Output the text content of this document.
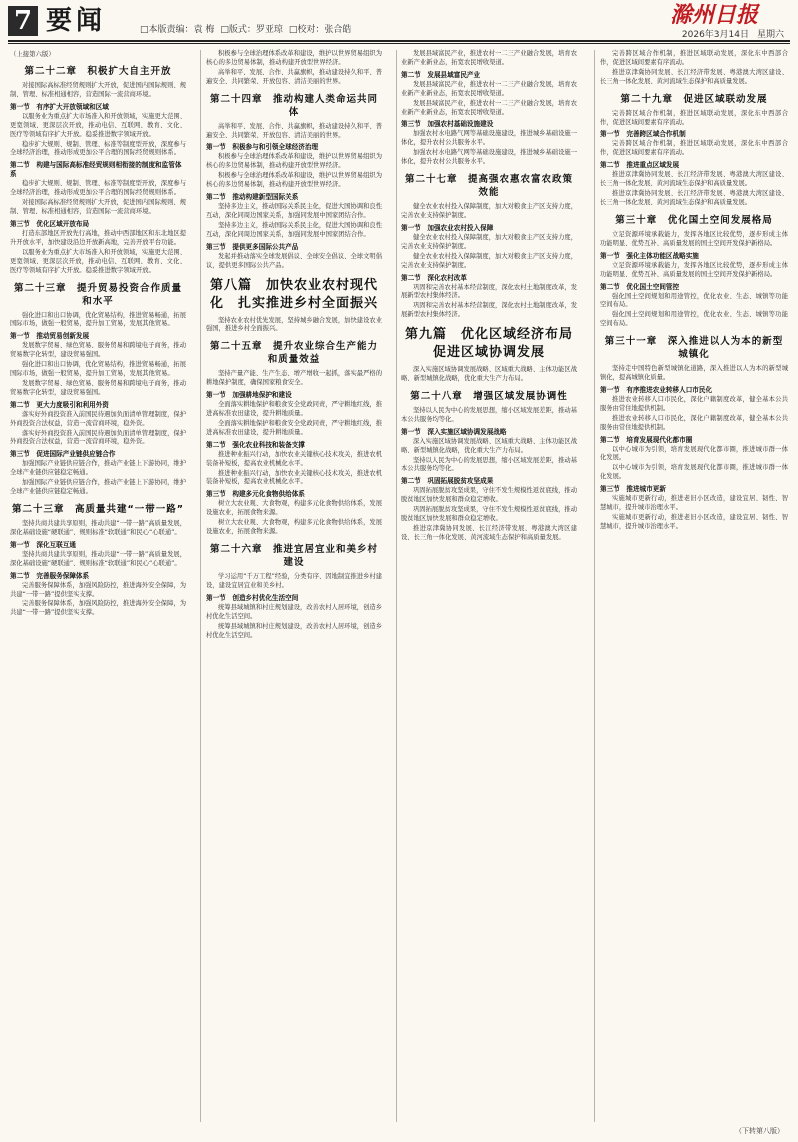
7 要闻	□本版责编：袁 梅 □版式：罗亚琼 □校对：张合皓
滁州日报
2026年3月14日 星期六
（上接第六版）
第二十二章　积极扩大自主开放

对接国际高标准经贸规则扩大开放，促进国内国际规则、规制、管理、标准相通相容，营造国际一流营商环境。

第一节　有序扩大开放领域和区域

以服务业为重点扩大市场准入和开放领域，实施更大范围、更宽领域、更深层次开放，推动电信、互联网、教育、文化、医疗等领域有序扩大开放。稳妥推进数字领域开放。

稳步扩大规则、规制、管理、标准等制度型开放，深度参与全球经济治理，推动形成更加公平合理的国际经贸规则体系。

第二节　构建与国际高标准经贸规则相衔接的制度和监管体系

稳步扩大规则、规制、管理、标准等制度型开放，深度参与全球经济治理，推动形成更加公平合理的国际经贸规则体系。

对接国际高标准经贸规则扩大开放，促进国内国际规则、规制、管理、标准相通相容，营造国际一流营商环境。

第三节　优化区域开放布局

打造东部地区开放先行高地，推动中西部地区和东北地区提升开放水平，加快建设沿边开放新高地，完善开放平台功能。

以服务业为重点扩大市场准入和开放领域，实施更大范围、更宽领域、更深层次开放，推动电信、互联网、教育、文化、医疗等领域有序扩大开放。稳妥推进数字领域开放。

第二十三章　提升贸易投资合作质量和水平

强化进口和出口协调，优化贸易结构，推进贸易畅通，拓展国际市场，做强一般贸易，提升加工贸易，发展其他贸易。

第一节　推动贸易创新发展

发展数字贸易、绿色贸易、服务贸易和跨境电子商务，推动贸易数字化转型，建设贸易强国。

强化进口和出口协调，优化贸易结构，推进贸易畅通，拓展国际市场，做强一般贸易，提升加工贸易，发展其他贸易。

发展数字贸易、绿色贸易、服务贸易和跨境电子商务，推动贸易数字化转型，建设贸易强国。

第二节　更大力度吸引和利用外资

落实好外商投资准入前国民待遇加负面清单管理制度，保护外商投资合法权益，营造一流营商环境，稳外资。

落实好外商投资准入前国民待遇加负面清单管理制度，保护外商投资合法权益，营造一流营商环境，稳外资。

第三节　促进国际产业链供应链合作

加强国际产业链供应链合作，推动产业链上下游协同，维护全球产业链供应链稳定畅通。

加强国际产业链供应链合作，推动产业链上下游协同，维护全球产业链供应链稳定畅通。

第二十三章　高质量共建“一带一路”

坚持共商共建共享原则，推动共建“一带一路”高质量发展，深化基础设施“硬联通”、规则标准“软联通”和民心“心联通”。

第一节　深化互联互通

坚持共商共建共享原则，推动共建“一带一路”高质量发展，深化基础设施“硬联通”、规则标准“软联通”和民心“心联通”。

第二节　完善服务保障体系

完善服务保障体系，加强风险防控，推进海外安全保障，为共建“一带一路”提供坚实支撑。

完善服务保障体系，加强风险防控，推进海外安全保障，为共建“一带一路”提供坚实支撑。

积极参与全球治理体系改革和建设，维护以世界贸易组织为核心的多边贸易体制，推动构建开放型世界经济。

高举和平、发展、合作、共赢旗帜，推动建设持久和平、普遍安全、共同繁荣、开放包容、清洁美丽的世界。

第二十四章　推动构建人类命运共同体

高举和平、发展、合作、共赢旗帜，推动建设持久和平、普遍安全、共同繁荣、开放包容、清洁美丽的世界。

第一节　积极参与和引领全球经济治理

积极参与全球治理体系改革和建设，维护以世界贸易组织为核心的多边贸易体制，推动构建开放型世界经济。

积极参与全球治理体系改革和建设，维护以世界贸易组织为核心的多边贸易体制，推动构建开放型世界经济。

第二节　推动构建新型国际关系

坚持多边主义，推动国际关系民主化，促进大国协调和良性互动，深化同周边国家关系，加强同发展中国家团结合作。

坚持多边主义，推动国际关系民主化，促进大国协调和良性互动，深化同周边国家关系，加强同发展中国家团结合作。

第三节　提供更多国际公共产品

发起并推动落实全球发展倡议、全球安全倡议、全球文明倡议，提供更多国际公共产品。

第八篇　加快农业农村现代化　扎实推进乡村全面振兴

坚持农业农村优先发展，坚持城乡融合发展，加快建设农业强国，推进乡村全面振兴。

第二十五章　提升农业综合生产能力和质量效益

坚持产量产能、生产生态、增产增收一起抓，落实最严格的耕地保护制度，确保国家粮食安全。

第一节　加强耕地保护和建设

全面落实耕地保护和粮食安全党政同责，严守耕地红线，推进高标准农田建设，提升耕地质量。

全面落实耕地保护和粮食安全党政同责，严守耕地红线，推进高标准农田建设，提升耕地质量。

第二节　强化农业科技和装备支撑

推进种业振兴行动，加快农业关键核心技术攻关，推进农机装备补短板，提高农业机械化水平。

推进种业振兴行动，加快农业关键核心技术攻关，推进农机装备补短板，提高农业机械化水平。

第三节　构建多元化食物供给体系

树立大农业观、大食物观，构建多元化食物供给体系，发展设施农业，拓展食物来源。

树立大农业观、大食物观，构建多元化食物供给体系，发展设施农业，拓展食物来源。

第二十六章　推进宜居宜业和美乡村建设

学习运用“千万工程”经验，分类有序、因地制宜推进乡村建设，建设宜居宜业和美乡村。

第一节　创造乡村优化生活空间

统筹县域城镇和村庄规划建设，改善农村人居环境，创造乡村优化生活空间。

统筹县域城镇和村庄规划建设，改善农村人居环境，创造乡村优化生活空间。

发展县域富民产业，推进农村一二三产业融合发展，培育农业新产业新业态，拓宽农民增收渠道。

第二节　发展县域富民产业

发展县域富民产业，推进农村一二三产业融合发展，培育农业新产业新业态，拓宽农民增收渠道。

发展县域富民产业，推进农村一二三产业融合发展，培育农业新产业新业态，拓宽农民增收渠道。

第三节　加强农村基础设施建设

加强农村水电路气网等基础设施建设，推进城乡基础设施一体化，提升农村公共服务水平。

加强农村水电路气网等基础设施建设，推进城乡基础设施一体化，提升农村公共服务水平。

第二十七章　提高强农惠农富农政策效能

健全农业农村投入保障制度，加大对粮食主产区支持力度，完善农业支持保护制度。

第一节　加强农业农村投入保障

健全农业农村投入保障制度，加大对粮食主产区支持力度，完善农业支持保护制度。

健全农业农村投入保障制度，加大对粮食主产区支持力度，完善农业支持保护制度。

第二节　深化农村改革

巩固和完善农村基本经营制度，深化农村土地制度改革，发展新型农村集体经济。

巩固和完善农村基本经营制度，深化农村土地制度改革，发展新型农村集体经济。

第九篇　优化区域经济布局　促进区域协调发展

深入实施区域协调发展战略、区域重大战略、主体功能区战略、新型城镇化战略，优化重大生产力布局。

第二十八章　增强区域发展协调性

坚持以人民为中心的发展思想，缩小区域发展差距，推动基本公共服务均等化。

第一节　深入实施区域协调发展战略

深入实施区域协调发展战略、区域重大战略、主体功能区战略、新型城镇化战略，优化重大生产力布局。

坚持以人民为中心的发展思想，缩小区域发展差距，推动基本公共服务均等化。

第二节　巩固拓展脱贫攻坚成果

巩固拓展脱贫攻坚成果，守住不发生规模性返贫底线，推动脱贫地区加快发展和群众稳定增收。

巩固拓展脱贫攻坚成果，守住不发生规模性返贫底线，推动脱贫地区加快发展和群众稳定增收。

推进京津冀协同发展、长江经济带发展、粤港澳大湾区建设、长三角一体化发展、黄河流域生态保护和高质量发展。

完善跨区域合作机制，推进区域联动发展，深化东中西部合作，促进区域间要素有序流动。

推进京津冀协同发展、长江经济带发展、粤港澳大湾区建设、长三角一体化发展、黄河流域生态保护和高质量发展。

第二十九章　促进区域联动发展

完善跨区域合作机制，推进区域联动发展，深化东中西部合作，促进区域间要素有序流动。

第一节　完善跨区域合作机制

完善跨区域合作机制，推进区域联动发展，深化东中西部合作，促进区域间要素有序流动。

第二节　推进重点区域发展

推进京津冀协同发展、长江经济带发展、粤港澳大湾区建设、长三角一体化发展、黄河流域生态保护和高质量发展。

推进京津冀协同发展、长江经济带发展、粤港澳大湾区建设、长三角一体化发展、黄河流域生态保护和高质量发展。

第三十章　优化国土空间发展格局

立足资源环境承载能力，发挥各地区比较优势，逐步形成主体功能明显、优势互补、高质量发展的国土空间开发保护新格局。

第一节　强化主体功能区战略实施

立足资源环境承载能力，发挥各地区比较优势，逐步形成主体功能明显、优势互补、高质量发展的国土空间开发保护新格局。

第二节　优化国土空间管控

强化国土空间规划和用途管控，优化农业、生态、城镇等功能空间布局。

强化国土空间规划和用途管控，优化农业、生态、城镇等功能空间布局。

第三十一章　深入推进以人为本的新型城镇化

坚持走中国特色新型城镇化道路，深入推进以人为本的新型城镇化，提高城镇化质量。

第一节　有序推进农业转移人口市民化

推进农业转移人口市民化，深化户籍制度改革，健全基本公共服务由常住地提供机制。

推进农业转移人口市民化，深化户籍制度改革，健全基本公共服务由常住地提供机制。

第二节　培育发展现代化都市圈

以中心城市为引领，培育发展现代化都市圈，推进城市群一体化发展。

以中心城市为引领，培育发展现代化都市圈，推进城市群一体化发展。

第三节　推进城市更新

实施城市更新行动，推进老旧小区改造，建设宜居、韧性、智慧城市，提升城市治理水平。

实施城市更新行动，推进老旧小区改造，建设宜居、韧性、智慧城市，提升城市治理水平。

（下转第八版）
